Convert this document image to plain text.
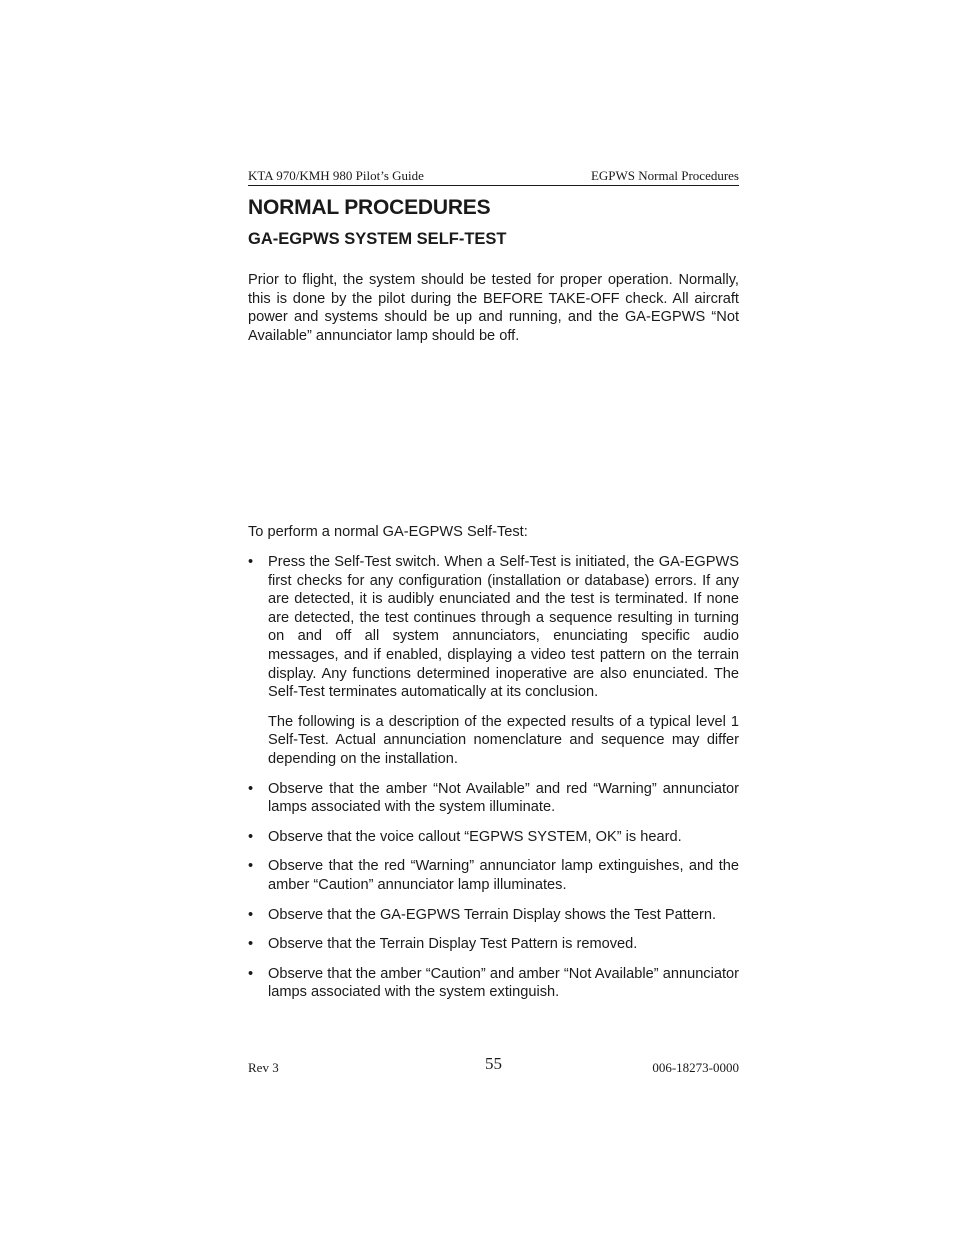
KTA 970/KMH 980 Pilot’s Guide	EGPWS Normal Procedures
NORMAL PROCEDURES
GA-EGPWS SYSTEM SELF-TEST

Prior to flight, the system should be tested for proper operation. Normally, this is done by the pilot during the BEFORE TAKE-OFF check. All aircraft power and systems should be up and running, and the GA-EGPWS “Not Available” annunciator lamp should be off.

To perform a normal GA-EGPWS Self-Test:

•	Press the Self-Test switch. When a Self-Test is initiated, the GA-EGPWS first checks for any configuration (installation or database) errors. If any are detected, it is audibly enunciated and the test is terminated. If none are detected, the test continues through a sequence resulting in turning on and off all system annunciators, enunciating specific audio messages, and if enabled, displaying a video test pattern on the terrain display. Any functions determined inoperative are also enunciated. The Self-Test terminates automatically at its conclusion.

The following is a description of the expected results of a typical level 1 Self-Test. Actual annunciation nomenclature and sequence may differ depending on the installation.

•	Observe that the amber “Not Available” and red “Warning” annunciator lamps associated with the system illuminate.

•	Observe that the voice callout “EGPWS SYSTEM, OK” is heard.

•	Observe that the red “Warning” annunciator lamp extinguishes, and the amber “Caution” annunciator lamp illuminates.

•	Observe that the GA-EGPWS Terrain Display shows the Test Pattern.

•	Observe that the Terrain Display Test Pattern is removed.

•	Observe that the amber “Caution” and amber “Not Available” annunciator lamps associated with the system extinguish.

Rev 3	55	006-18273-0000
